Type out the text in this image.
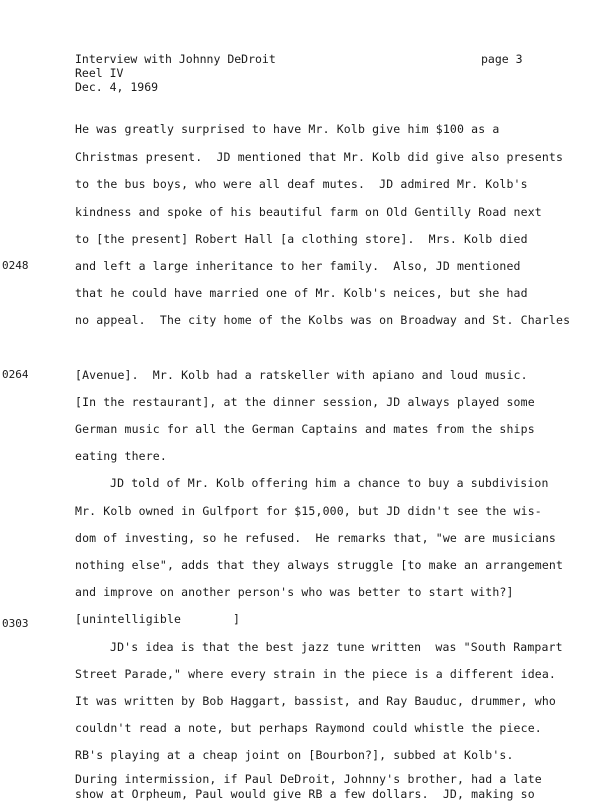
Interview with Johnny DeDroit
Reel IV
Dec. 4, 1969
page 3
0248
0264
0303
He was greatly surprised to have Mr. Kolb give him $100 as a
Christmas present.  JD mentioned that Mr. Kolb did give also presents
to the bus boys, who were all deaf mutes.  JD admired Mr. Kolb's
kindness and spoke of his beautiful farm on Old Gentilly Road next
to [the present] Robert Hall [a clothing store].  Mrs. Kolb died
and left a large inheritance to her family.  Also, JD mentioned
that he could have married one of Mr. Kolb's neices, but she had
no appeal.  The city home of the Kolbs was on Broadway and St. Charles
[Avenue].  Mr. Kolb had a ratskeller with apiano and loud music.
[In the restaurant], at the dinner session, JD always played some
German music for all the German Captains and mates from the ships
eating there.
JD told of Mr. Kolb offering him a chance to buy a subdivision
Mr. Kolb owned in Gulfport for $15,000, but JD didn't see the wis-
dom of investing, so he refused.  He remarks that, "we are musicians
nothing else", adds that they always struggle [to make an arrangement
and improve on another person's who was better to start with?]
[unintelligible	]
JD's idea is that the best jazz tune written  was "South Rampart
Street Parade," where every strain in the piece is a different idea.
It was written by Bob Haggart, bassist, and Ray Bauduc, drummer, who
couldn't read a note, but perhaps Raymond could whistle the piece.
RB's playing at a cheap joint on [Bourbon?], subbed at Kolb's.
During intermission, if Paul DeDroit, Johnny's brother, had a late
show at Orpheum, Paul would give RB a few dollars.  JD, making so
